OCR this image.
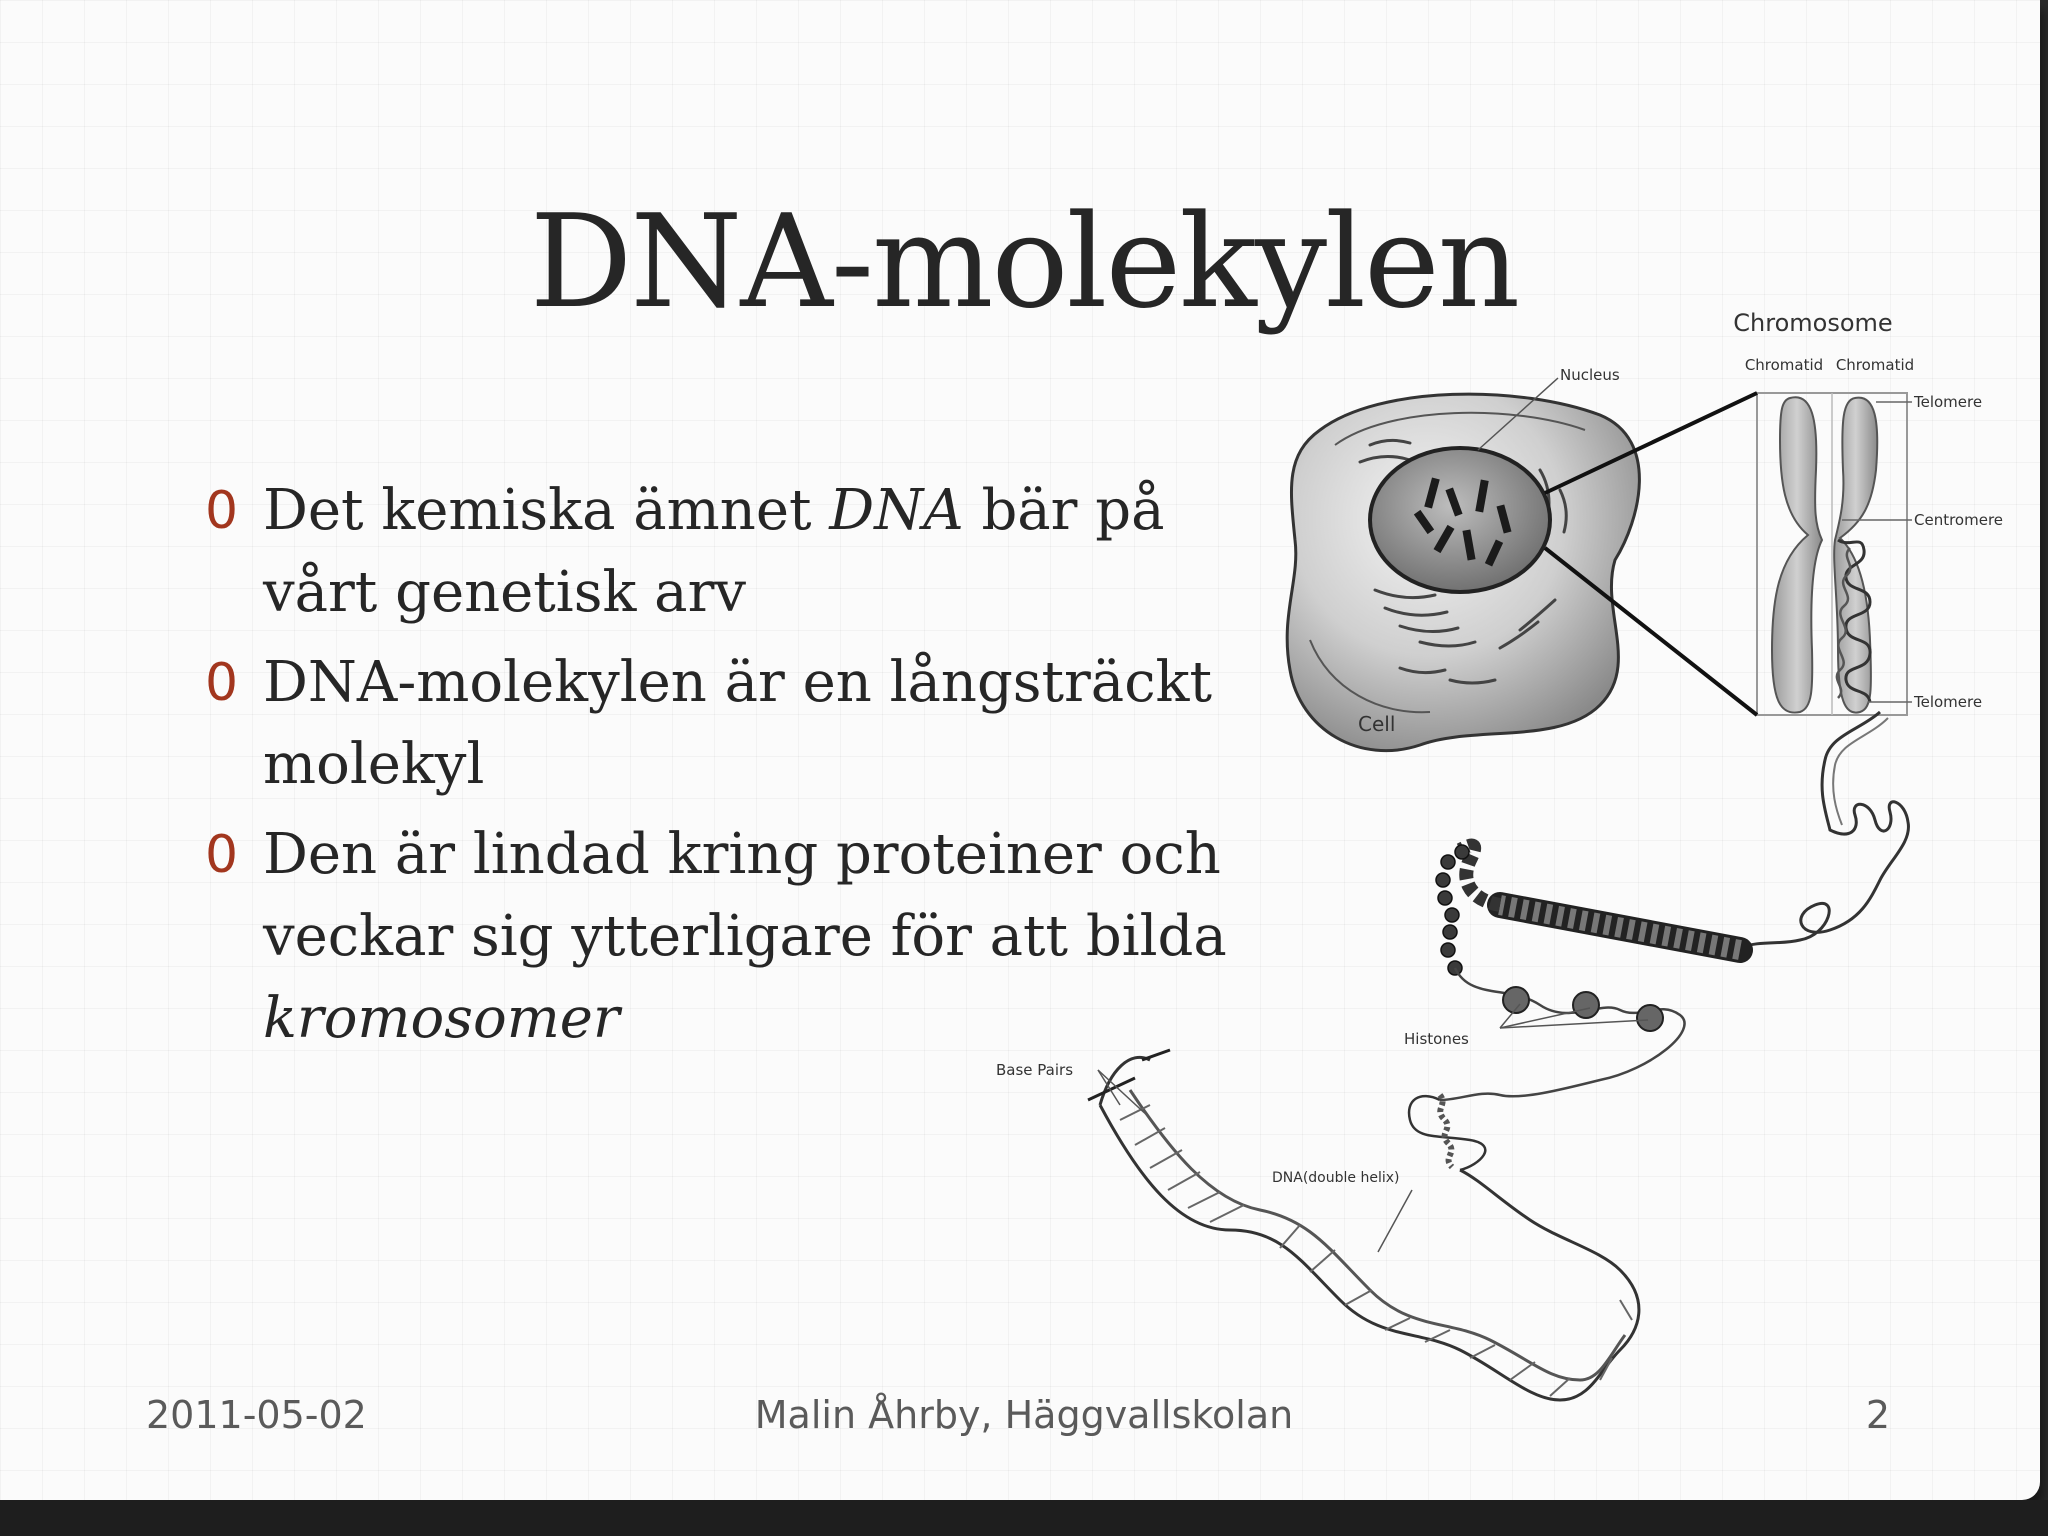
DNA-molekylen
0 Det kemiska ämnet DNA bär på vårt genetisk arv
0 DNA-molekylen är en långsträckt molekyl
0 Den är lindad kring proteiner och veckar sig ytterligare för att bilda kromosomer
Chromosome
Chromatid Chromatid
Nucleus
Telomere
Centromere
Telomere
Cell
Histones
Base Pairs
DNA(double helix)
Malin Åhrby, Häggvallskolan
2011-05-02	2
